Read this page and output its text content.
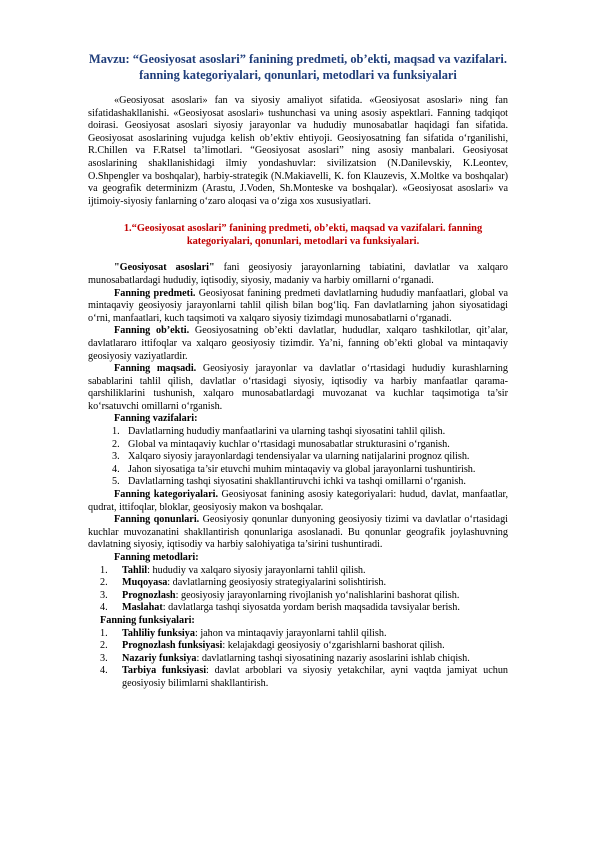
Mavzu: “Geosiyosat asoslari” fanining predmeti, ob’ekti, maqsad va vazifalari. fanning kategoriyalari, qonunlari, metodlari va funksiyalari

«Geosiyosat asoslari» fan va siyosiy amaliyot sifatida. «Geosiyosat asoslari» ning fan sifatidashakllanishi. «Geosiyosat asoslari» tushunchasi va uning asosiy aspektlari. Fanning tadqiqot doirasi. Geosiyosat asoslari siyosiy jarayonlar va hududiy munosabatlar haqidagi fan sifatida. Geosiyosat asoslarining vujudga kelish ob’ektiv ehtiyoji. Geosiyosatning fan sifatida o‘rganilishi, R.Chillen va F.Ratsel ta’limotlari. “Geosiyosat asoslari” ning asosiy manbalari. Geosiyosat asoslarining shakllanishidagi ilmiy yondashuvlar: sivilizatsion (N.Danilevskiy, K.Leontev, O.Shpengler va boshqalar), harbiy-strategik (N.Makiavelli, K. fon Klauzevis, X.Moltke va boshqalar) va geografik determinizm (Arastu, J.Voden, Sh.Monteske va boshqalar). «Geosiyosat asoslari» va ijtimoiy-siyosiy fanlarning o‘zaro aloqasi va o‘ziga xos xususiyatlari.

1.“Geosiyosat asoslari” fanining predmeti, ob’ekti, maqsad va vazifalari. fanning kategoriyalari, qonunlari, metodlari va funksiyalari.

"Geosiyosat asoslari" fani geosiyosiy jarayonlarning tabiatini, davlatlar va xalqaro munosabatlardagi hududiy, iqtisodiy, siyosiy, madaniy va harbiy omillarni o‘rganadi.

Fanning predmeti. Geosiyosat fanining predmeti davlatlarning hududiy manfaatlari, global va mintaqaviy geosiyosiy jarayonlarni tahlil qilish bilan bog‘liq. Fan davlatlarning jahon siyosatidagi o‘rni, manfaatlari, kuch taqsimoti va xalqaro siyosiy tizimdagi munosabatlarni o‘rganadi.

Fanning ob’ekti. Geosiyosatning ob’ekti davlatlar, hududlar, xalqaro tashkilotlar, qit’alar, davlatlararo ittifoqlar va xalqaro geosiyosiy tizimdir. Ya’ni, fanning ob’ekti global va mintaqaviy geosiyosiy vaziyatlardir.

Fanning maqsadi. Geosiyosiy jarayonlar va davlatlar o‘rtasidagi hududiy kurashlarning sabablarini tahlil qilish, davlatlar o‘rtasidagi siyosiy, iqtisodiy va harbiy manfaatlar qarama-qarshiliklarini tushunish, xalqaro munosabatlardagi muvozanat va kuchlar taqsimotiga ta’sir ko‘rsatuvchi omillarni o‘rganish.

Fanning vazifalari:
1. Davlatlarning hududiy manfaatlarini va ularning tashqi siyosatini tahlil qilish.
2. Global va mintaqaviy kuchlar o‘rtasidagi munosabatlar strukturasini o‘rganish.
3. Xalqaro siyosiy jarayonlardagi tendensiyalar va ularning natijalarini prognoz qilish.
4. Jahon siyosatiga ta’sir etuvchi muhim mintaqaviy va global jarayonlarni tushuntirish.
5. Davlatlarning tashqi siyosatini shakllantiruvchi ichki va tashqi omillarni o‘rganish.

Fanning kategoriyalari. Geosiyosat fanining asosiy kategoriyalari: hudud, davlat, manfaatlar, qudrat, ittifoqlar, bloklar, geosiyosiy makon va boshqalar.

Fanning qonunlari. Geosiyosiy qonunlar dunyoning geosiyosiy tizimi va davlatlar o‘rtasidagi kuchlar muvozanatini shakllantirish qonunlariga asoslanadi. Bu qonunlar geografik joylashuvning davlatning siyosiy, iqtisodiy va harbiy salohiyatiga ta’sirini tushuntiradi.

Fanning metodlari:
1. Tahlil: hududiy va xalqaro siyosiy jarayonlarni tahlil qilish.
2. Muqoyasa: davlatlarning geosiyosiy strategiyalarini solishtirish.
3. Prognozlash: geosiyosiy jarayonlarning rivojlanish yo‘nalishlarini bashorat qilish.
4. Maslahat: davlatlarga tashqi siyosatda yordam berish maqsadida tavsiyalar berish.
Fanning funksiyalari:
1. Tahliliy funksiya: jahon va mintaqaviy jarayonlarni tahlil qilish.
2. Prognozlash funksiyasi: kelajakdagi geosiyosiy o‘zgarishlarni bashorat qilish.
3. Nazariy funksiya: davlatlarning tashqi siyosatining nazariy asoslarini ishlab chiqish.
4. Tarbiya funksiyasi: davlat arboblari va siyosiy yetakchilar, ayni vaqtda jamiyat uchun geosiyosiy bilimlarni shakllantirish.
